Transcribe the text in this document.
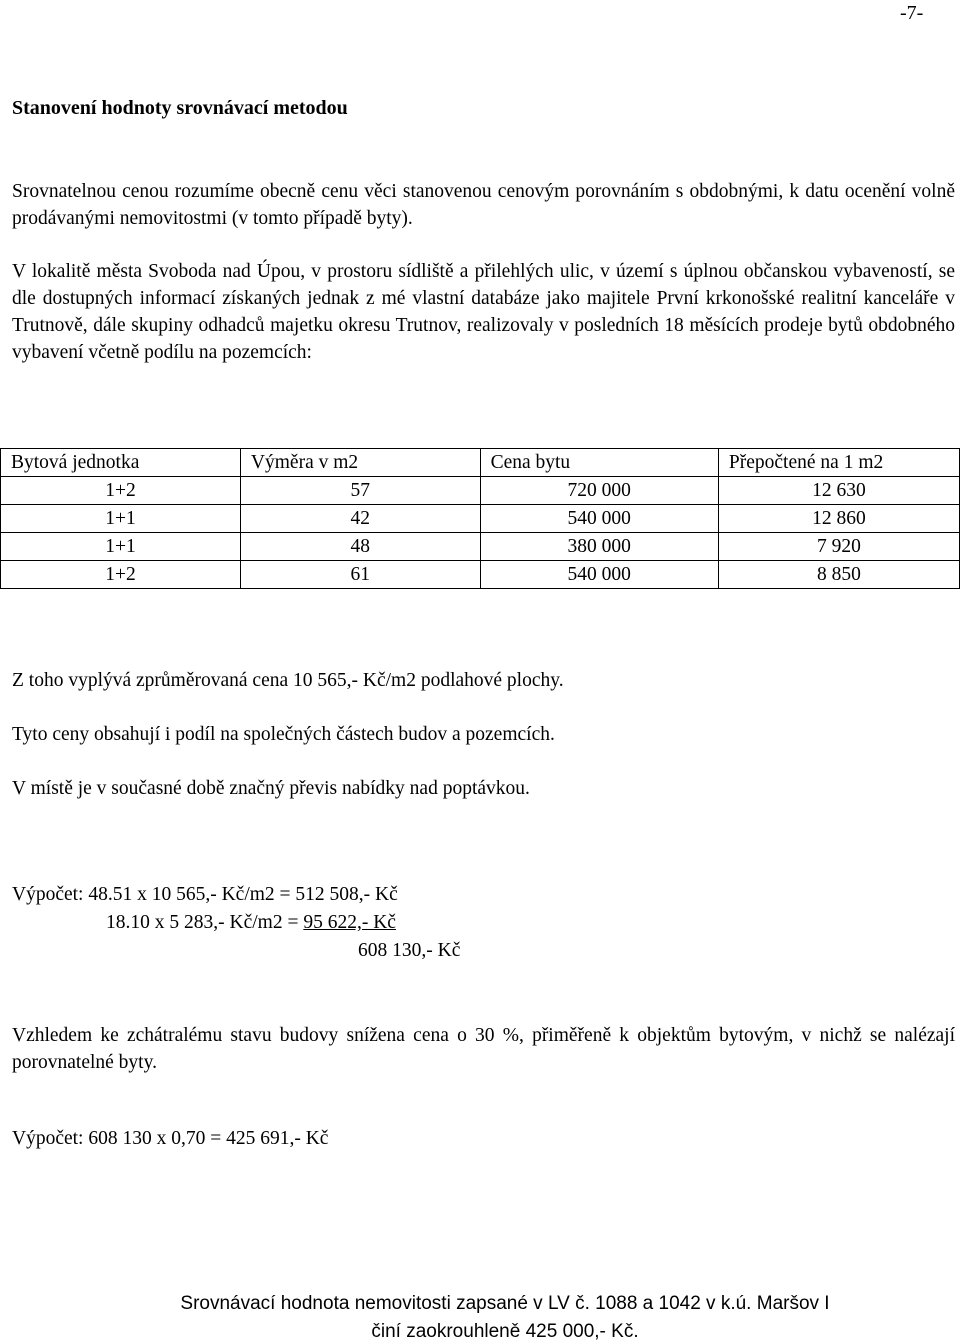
-7-
Stanovení hodnoty srovnávací metodou
Srovnatelnou cenou rozumíme obecně cenu věci stanovenou cenovým porovnáním s obdobnými, k datu ocenění volně prodávanými nemovitostmi (v tomto případě byty).
V lokalitě města Svoboda nad Úpou, v prostoru sídliště a přilehlých ulic, v území s úplnou občanskou vybaveností, se dle dostupných informací získaných jednak z mé vlastní databáze jako majitele První krkonošské realitní kanceláře v Trutnově, dále skupiny odhadců majetku okresu Trutnov, realizovaly v posledních 18 měsících prodeje bytů obdobného vybavení včetně podílu na pozemcích:
Bytová jednotka	Výměra v m2	Cena bytu	Přepočtené na 1 m2
1+2	57	720 000	12 630
1+1	42	540 000	12 860
1+1	48	380 000	7 920
1+2	61	540 000	8 850
Z toho vyplývá zprůměrovaná cena 10 565,- Kč/m2 podlahové plochy.
Tyto ceny obsahují i podíl na společných částech budov a pozemcích.
V místě je v současné době značný převis nabídky nad poptávkou.
Výpočet: 48.51 x 10 565,- Kč/m2 = 512 508,- Kč
18.10 x 5 283,- Kč/m2 = 95 622,- Kč
608 130,- Kč
Vzhledem ke zchátralému stavu budovy snížena cena o 30 %, přiměřeně k objektům bytovým, v nichž se nalézají porovnatelné byty.
Výpočet: 608 130 x 0,70 = 425 691,- Kč
Srovnávací hodnota nemovitosti zapsané v LV č. 1088 a 1042 v k.ú. Maršov I
činí zaokrouhleně 425 000,- Kč.
